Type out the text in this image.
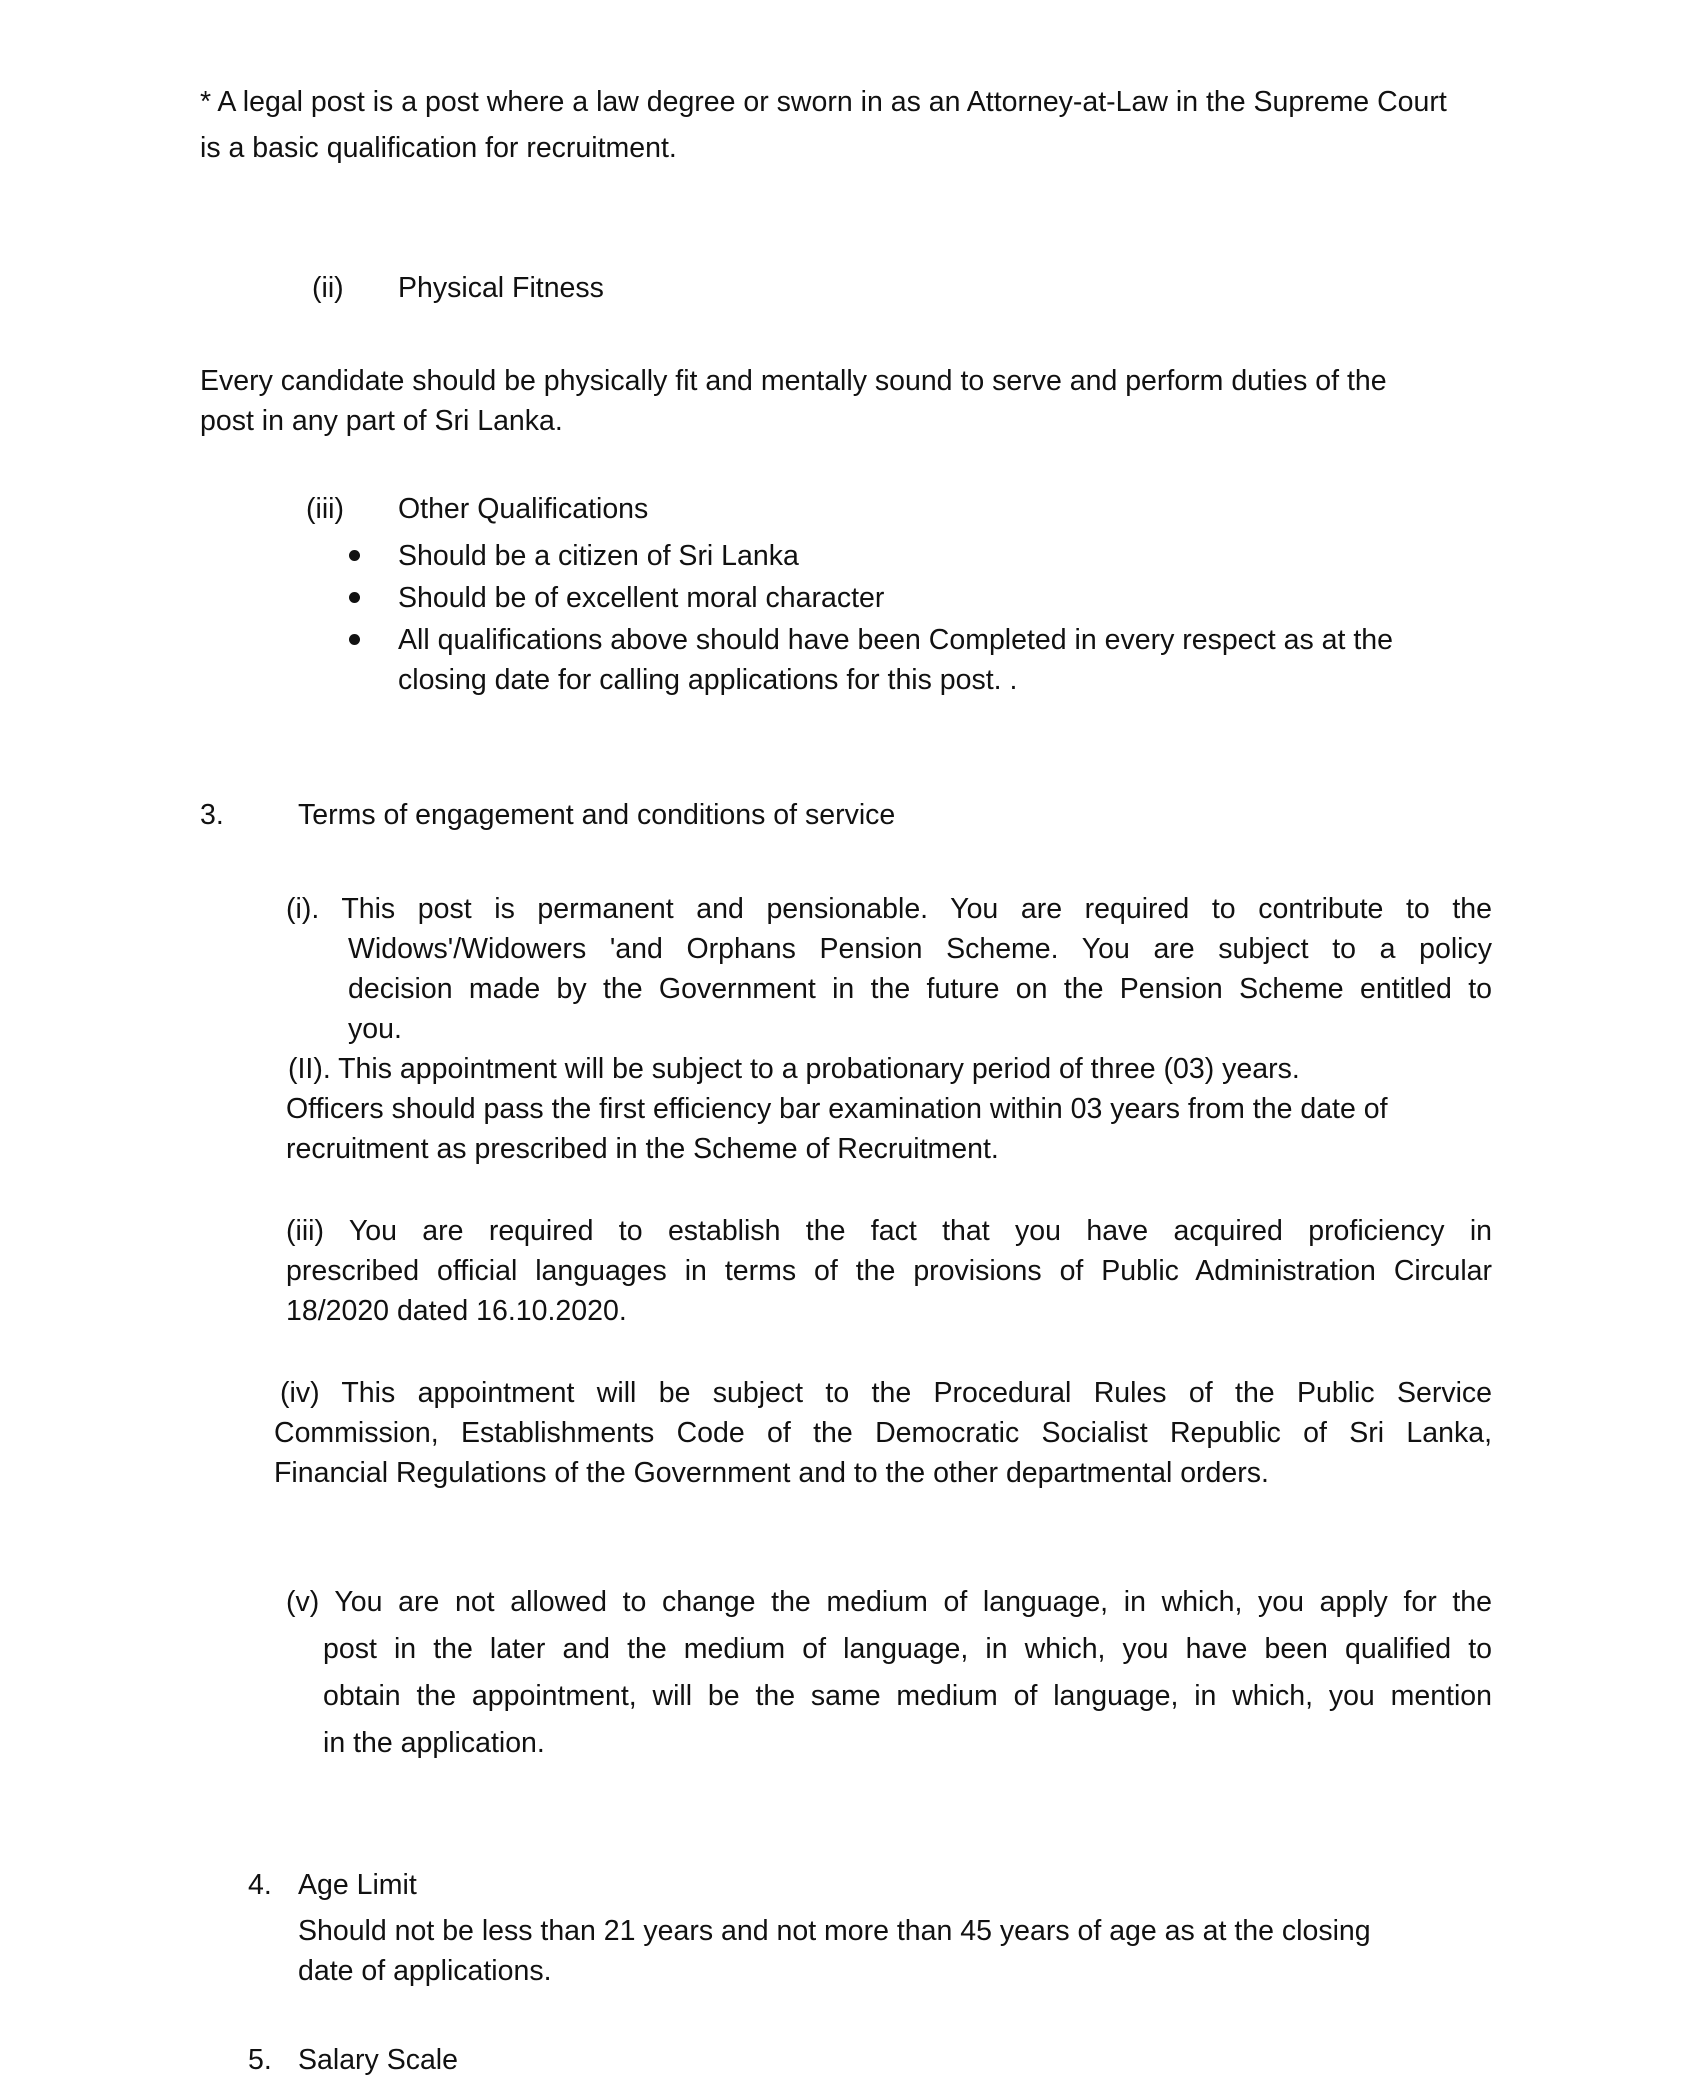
* A legal post is a post where a law degree or sworn in as an Attorney-at-Law in the Supreme Court
is a basic qualification for recruitment.
(ii) Physical Fitness
Every candidate should be physically fit and mentally sound to serve and perform duties of the
post in any part of Sri Lanka.
(iii) Other Qualifications
Should be a citizen of Sri Lanka
Should be of excellent moral character
All qualifications above should have been Completed in every respect as at the
closing date for calling applications for this post. .
3.	Terms of engagement and conditions of service
(i). This post is permanent and pensionable. You are required to contribute to the
Widows'/Widowers 'and Orphans Pension Scheme. You are subject to a policy
decision made by the Government in the future on the Pension Scheme entitled to
you.
(II). This appointment will be subject to a probationary period of three (03) years.
Officers should pass the first efficiency bar examination within 03 years from the date of
recruitment as prescribed in the Scheme of Recruitment.
(iii) You are required to establish the fact that you have acquired proficiency in
prescribed official languages in terms of the provisions of Public Administration Circular
18/2020 dated 16.10.2020.
(iv) This appointment will be subject to the Procedural Rules of the Public Service
Commission, Establishments Code of the Democratic Socialist Republic of Sri Lanka,
Financial Regulations of the Government and to the other departmental orders.
(v) You are not allowed to change the medium of language, in which, you apply for the
post in the later and the medium of language, in which, you have been qualified to
obtain the appointment, will be the same medium of language, in which, you mention
in the application.
4. Age Limit
Should not be less than 21 years and not more than 45 years of age as at the closing
date of applications.
5. Salary Scale
